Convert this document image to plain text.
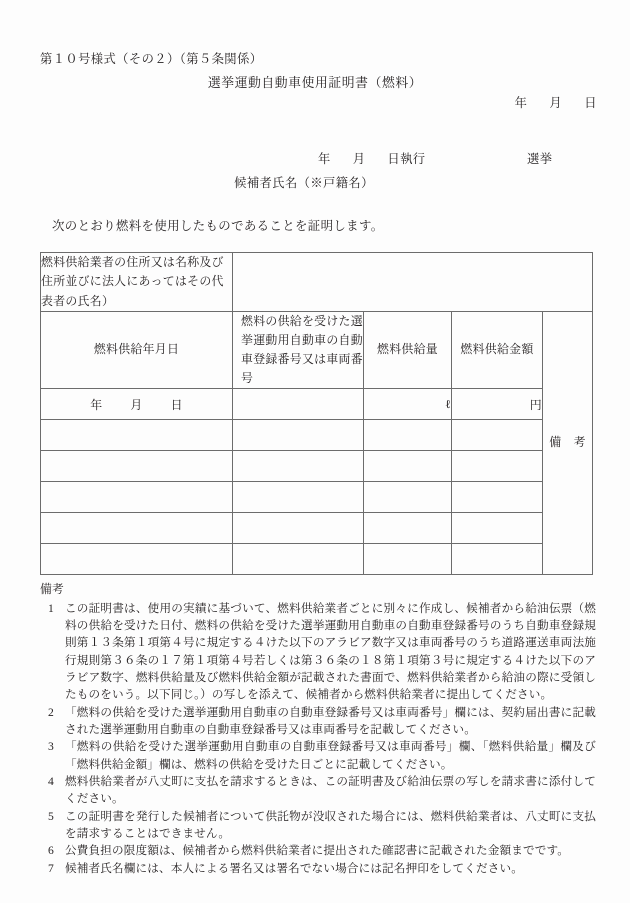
第１０号様式（その２）（第５条関係）
選挙運動自動車使用証明書（燃料）
年 月 日
年 月 日執行	選挙
候補者氏名（※戸籍名）
次のとおり燃料を使用したものであることを証明します。
燃料供給業者の住所又は名称及び住所並びに法人にあってはその代表者の氏名）				
燃料供給年月日	燃料の供給を受けた選挙運動用自動車の自動車登録番号又は車両番号	燃料供給量	燃料供給金額	備　考
年 月 日		ℓ	円	

備考
1 この証明書は、使用の実績に基づいて、燃料供給業者ごとに別々に作成し、候補者から給油伝票（燃料の供給を受けた日付、燃料の供給を受けた選挙運動用自動車の自動車登録番号のうち自動車登録規則第１３条第１項第４号に規定する４けた以下のアラビア数字又は車両番号のうち道路運送車両法施行規則第３６条の１７第１項第４号若しくは第３６条の１８第１項第３号に規定する４けた以下のアラビア数字、燃料供給量及び燃料供給金額が記載された書面で、燃料供給業者から給油の際に受領したものをいう。以下同じ。）の写しを添えて、候補者から燃料供給業者に提出してください。
2 「燃料の供給を受けた選挙運動用自動車の自動車登録番号又は車両番号」欄には、契約届出書に記載された選挙運動用自動車の自動車登録番号又は車両番号を記載してください。
3 「燃料の供給を受けた選挙運動用自動車の自動車登録番号又は車両番号」欄、「燃料供給量」欄及び「燃料供給金額」欄は、燃料の供給を受けた日ごとに記載してください。
4 燃料供給業者が八丈町に支払を請求するときは、この証明書及び給油伝票の写しを請求書に添付してください。
5 この証明書を発行した候補者について供託物が没収された場合には、燃料供給業者は、八丈町に支払を請求することはできません。
6 公費負担の限度額は、候補者から燃料供給業者に提出された確認書に記載された金額までです。
7 候補者氏名欄には、本人による署名又は署名でない場合には記名押印をしてください。
